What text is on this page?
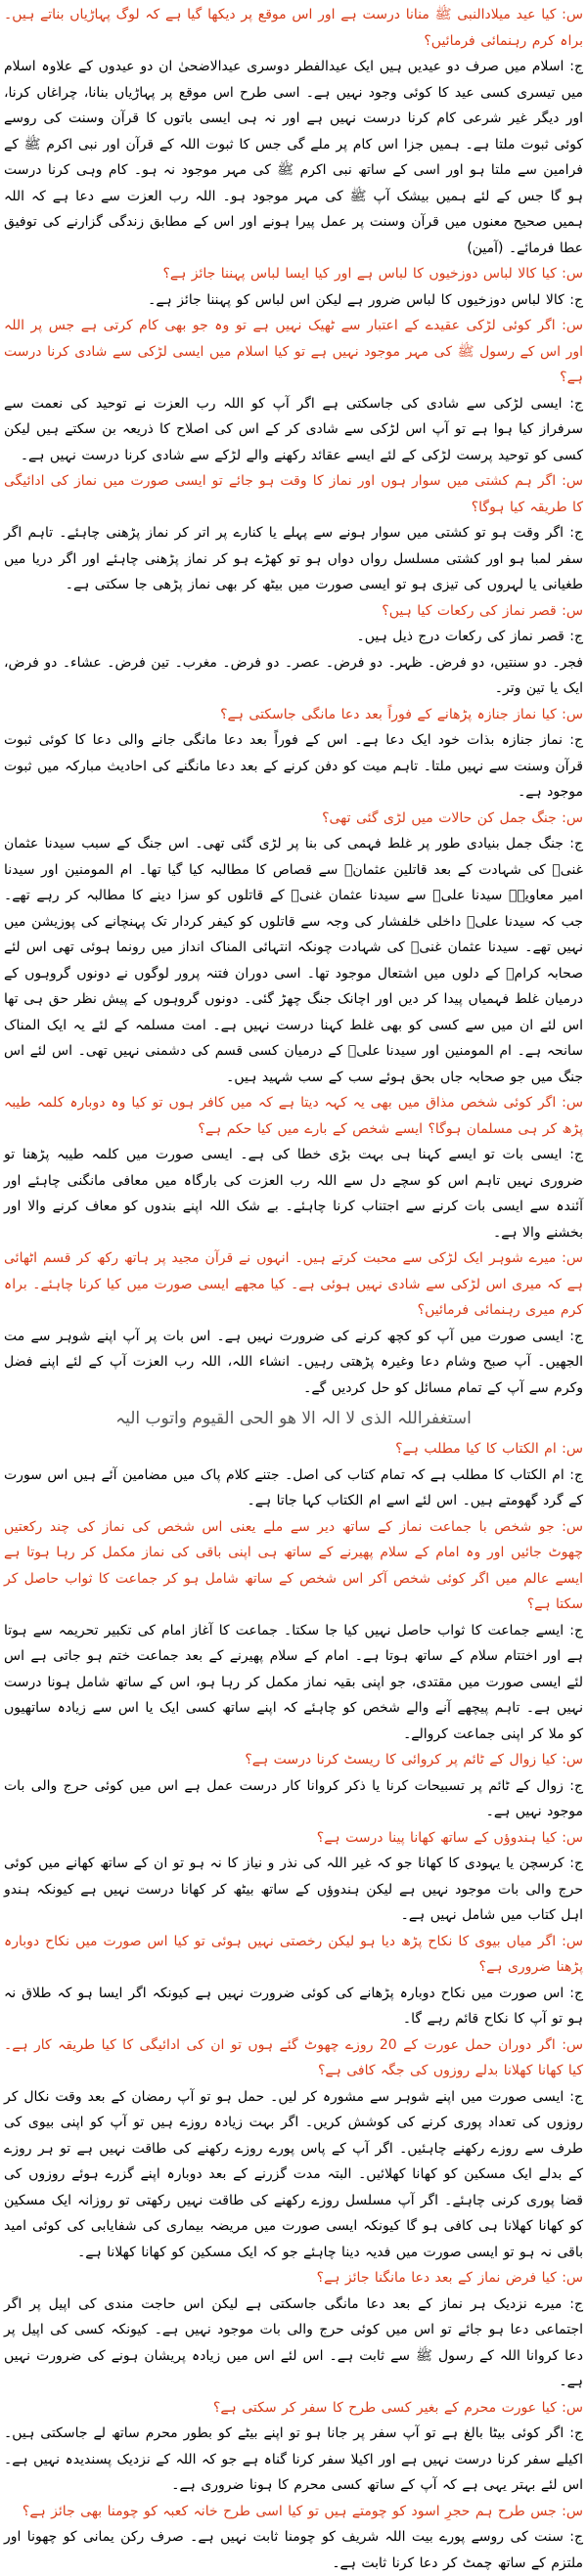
س: کیا عید میلادالنبی ﷺ منانا درست ہے اور اس موقع پر دیکھا گیا ہے کہ لوگ پہاڑیاں بناتے ہیں۔ براہ کرم رہنمائی فرمائیں؟

ج: اسلام میں صرف دو عیدیں ہیں ایک عیدالفطر دوسری عیدالاضحیٰ ان دو عیدوں کے علاوہ اسلام میں تیسری کسی عید کا کوئی وجود نہیں ہے۔ اسی طرح اس موقع پر پہاڑیاں بنانا، چراغاں کرنا، اور دیگر غیر شرعی کام کرنا درست نہیں ہے اور نہ ہی ایسی باتوں کا قرآن وسنت کی روسے کوئی ثبوت ملتا ہے۔ ہمیں جزا اس کام پر ملے گی جس کا ثبوت اللہ کے قرآن اور نبی اکرم ﷺ کے فرامین سے ملتا ہو اور اسی کے ساتھ نبی اکرم ﷺ کی مہر موجود نہ ہو۔ کام وہی کرنا درست ہو گا جس کے لئے ہمیں بیشک آپ ﷺ کی مہر موجود ہو۔ اللہ رب العزت سے دعا ہے کہ اللہ ہمیں صحیح معنوں میں قرآن وسنت پر عمل پیرا ہونے اور اس کے مطابق زندگی گزارنے کی توفیق عطا فرمائے۔ (آمین)

س: کیا کالا لباس دوزخیوں کا لباس ہے اور کیا ایسا لباس پہننا جائز ہے؟

ج: کالا لباس دوزخیوں کا لباس ضرور ہے لیکن اس لباس کو پہننا جائز ہے۔

س: اگر کوئی لڑکی عقیدے کے اعتبار سے ٹھیک نہیں ہے تو وہ جو بھی کام کرتی ہے جس پر اللہ اور اس کے رسول ﷺ کی مہر موجود نہیں ہے تو کیا اسلام میں ایسی لڑکی سے شادی کرنا درست ہے؟

ج: ایسی لڑکی سے شادی کی جاسکتی ہے اگر آپ کو اللہ رب العزت نے توحید کی نعمت سے سرفراز کیا ہوا ہے تو آپ اس لڑکی سے شادی کر کے اس کی اصلاح کا ذریعہ بن سکتے ہیں لیکن کسی کو توحید پرست لڑکی کے لئے ایسے عقائد رکھنے والے لڑکے سے شادی کرنا درست نہیں ہے۔

س: اگر ہم کشتی میں سوار ہوں اور نماز کا وقت ہو جائے تو ایسی صورت میں نماز کی ادائیگی کا طریقہ کیا ہوگا؟

ج: اگر وقت ہو تو کشتی میں سوار ہونے سے پہلے یا کنارے پر اتر کر نماز پڑھنی چاہئے۔ تاہم اگر سفر لمبا ہو اور کشتی مسلسل رواں دواں ہو تو کھڑے ہو کر نماز پڑھنی چاہئے اور اگر دریا میں طغیانی یا لہروں کی تیزی ہو تو ایسی صورت میں بیٹھ کر بھی نماز پڑھی جا سکتی ہے۔

س: قصر نماز کی رکعات کیا ہیں؟

ج: قصر نماز کی رکعات درج ذیل ہیں۔

فجر۔ دو سنتیں، دو فرض۔ ظہر۔ دو فرض۔ عصر۔ دو فرض۔ مغرب۔ تین فرض۔ عشاء۔ دو فرض، ایک یا تین وتر۔

س: کیا نماز جنازہ پڑھانے کے فوراً بعد دعا مانگی جاسکتی ہے؟

ج: نماز جنازہ بذات خود ایک دعا ہے۔ اس کے فوراً بعد دعا مانگی جانے والی دعا کا کوئی ثبوت قرآن وسنت سے نہیں ملتا۔ تاہم میت کو دفن کرنے کے بعد دعا مانگنے کی احادیث مبارکہ میں ثبوت موجود ہے۔

س: جنگ جمل کن حالات میں لڑی گئی تھی؟

ج: جنگ جمل بنیادی طور پر غلط فہمی کی بنا پر لڑی گئی تھی۔ اس جنگ کے سبب سیدنا عثمان غنیؓ کی شہادت کے بعد قاتلین عثمانؓ سے قصاص کا مطالبہ کیا گیا تھا۔ ام المومنین اور سیدنا امیر معاویہؓ سیدنا علیؓ سے سیدنا عثمان غنیؓ کے قاتلوں کو سزا دینے کا مطالبہ کر رہے تھے۔ جب کہ سیدنا علیؓ داخلی خلفشار کی وجہ سے قاتلوں کو کیفر کردار تک پہنچانے کی پوزیشن میں نہیں تھے۔ سیدنا عثمان غنیؓ کی شہادت چونکہ انتہائی المناک انداز میں رونما ہوئی تھی اس لئے صحابہ کرامؓ کے دلوں میں اشتعال موجود تھا۔ اسی دوران فتنہ پرور لوگوں نے دونوں گروہوں کے درمیان غلط فہمیاں پیدا کر دیں اور اچانک جنگ چھڑ گئی۔ دونوں گروہوں کے پیش نظر حق ہی تھا اس لئے ان میں سے کسی کو بھی غلط کہنا درست نہیں ہے۔ امت مسلمہ کے لئے یہ ایک المناک سانحہ ہے۔ ام المومنین اور سیدنا علیؓ کے درمیان کسی قسم کی دشمنی نہیں تھی۔ اس لئے اس جنگ میں جو صحابہ جاں بحق ہوئے سب کے سب شہید ہیں۔

س: اگر کوئی شخص مذاق میں بھی یہ کہہ دیتا ہے کہ میں کافر ہوں تو کیا وہ دوبارہ کلمہ طیبہ پڑھ کر ہی مسلمان ہوگا؟ ایسے شخص کے بارے میں کیا حکم ہے؟

ج: ایسی بات تو ایسے کہنا ہی بہت بڑی خطا کی ہے۔ ایسی صورت میں کلمہ طیبہ پڑھنا تو ضروری نہیں تاہم اس کو سچے دل سے اللہ رب العزت کی بارگاہ میں معافی مانگنی چاہئے اور آئندہ سے ایسی بات کرنے سے اجتناب کرنا چاہئے۔ بے شک اللہ اپنے بندوں کو معاف کرنے والا اور بخشنے والا ہے۔

س: میرے شوہر ایک لڑکی سے محبت کرتے ہیں۔ انہوں نے قرآن مجید پر ہاتھ رکھ کر قسم اٹھائی ہے کہ میری اس لڑکی سے شادی نہیں ہوئی ہے۔ کیا مجھے ایسی صورت میں کیا کرنا چاہئے۔ براہ کرم میری رہنمائی فرمائیں؟

ج: ایسی صورت میں آپ کو کچھ کرنے کی ضرورت نہیں ہے۔ اس بات پر آپ اپنے شوہر سے مت الجھیں۔ آپ صبح وشام دعا وغیرہ پڑھتی رہیں۔ انشاء اللہ، اللہ رب العزت آپ کے لئے اپنے فضل وکرم سے آپ کے تمام مسائل کو حل کردیں گے۔

استغفراللہ الذی لا الہ الا ھو الحی القیوم واتوب الیہ

س: ام الکتاب کا کیا مطلب ہے؟

ج: ام الکتاب کا مطلب ہے کہ تمام کتاب کی اصل۔ جتنے کلام پاک میں مضامین آئے ہیں اس سورت کے گرد گھومتے ہیں۔ اس لئے اسے ام الکتاب کہا جاتا ہے۔

س: جو شخص با جماعت نماز کے ساتھ دیر سے ملے یعنی اس شخص کی نماز کی چند رکعتیں چھوٹ جائیں اور وہ امام کے سلام پھیرنے کے ساتھ ہی اپنی باقی کی نماز مکمل کر رہا ہوتا ہے ایسے عالم میں اگر کوئی شخص آکر اس شخص کے ساتھ شامل ہو کر جماعت کا ثواب حاصل کر سکتا ہے؟

ج: ایسے جماعت کا ثواب حاصل نہیں کیا جا سکتا۔ جماعت کا آغاز امام کی تکبیر تحریمہ سے ہوتا ہے اور اختتام سلام کے ساتھ ہوتا ہے۔ امام کے سلام پھیرنے کے بعد جماعت ختم ہو جاتی ہے اس لئے ایسی صورت میں مقتدی، جو اپنی بقیہ نماز مکمل کر رہا ہو، اس کے ساتھ شامل ہونا درست نہیں ہے۔ تاہم پیچھے آنے والے شخص کو چاہئے کہ اپنے ساتھ کسی ایک یا اس سے زیادہ ساتھیوں کو ملا کر اپنی جماعت کروالے۔

س: کیا زوال کے ٹائم پر کروائی کا ریسٹ کرنا درست ہے؟

ج: زوال کے ٹائم پر تسبیحات کرنا یا ذکر کروانا کار درست عمل ہے اس میں کوئی حرج والی بات موجود نہیں ہے۔

س: کیا ہندوؤں کے ساتھ کھانا پینا درست ہے؟

ج: کرسچن یا یہودی کا کھانا جو کہ غیر اللہ کی نذر و نیاز کا نہ ہو تو ان کے ساتھ کھانے میں کوئی حرج والی بات موجود نہیں ہے لیکن ہندوؤں کے ساتھ بیٹھ کر کھانا درست نہیں ہے کیونکہ ہندو اہل کتاب میں شامل نہیں ہے۔

س: اگر میاں بیوی کا نکاح پڑھ دیا ہو لیکن رخصتی نہیں ہوئی تو کیا اس صورت میں نکاح دوبارہ پڑھنا ضروری ہے؟

ج: اس صورت میں نکاح دوبارہ پڑھانے کی کوئی ضرورت نہیں ہے کیونکہ اگر ایسا ہو کہ طلاق نہ ہو تو آپ کا نکاح قائم رہے گا۔

س: اگر دوران حمل عورت کے 20 روزے چھوٹ گئے ہوں تو ان کی ادائیگی کا کیا طریقہ کار ہے۔ کیا کھانا کھلانا بدلے روزوں کی جگہ کافی ہے؟

ج: ایسی صورت میں اپنے شوہر سے مشورہ کر لیں۔ حمل ہو تو آپ رمضان کے بعد وقت نکال کر روزوں کی تعداد پوری کرنے کی کوشش کریں۔ اگر بہت زیادہ روزے ہیں تو آپ کو اپنی بیوی کی طرف سے روزے رکھنے چاہئیں۔ اگر آپ کے پاس پورے روزے رکھنے کی طاقت نہیں ہے تو ہر روزے کے بدلے ایک مسکین کو کھانا کھلائیں۔ البتہ مدت گزرنے کے بعد دوبارہ اپنے گزرے ہوئے روزوں کی قضا پوری کرنی چاہئے۔ اگر آپ مسلسل روزے رکھنے کی طاقت نہیں رکھتی تو روزانہ ایک مسکین کو کھانا کھلانا ہی کافی ہو گا کیونکہ ایسی صورت میں مریضہ بیماری کی شفایابی کی کوئی امید باقی نہ ہو تو ایسی صورت میں فدیہ دینا چاہئے جو کہ ایک مسکین کو کھانا کھلانا ہے۔

س: کیا فرض نماز کے بعد دعا مانگنا جائز ہے؟

ج: میرے نزدیک ہر نماز کے بعد دعا مانگی جاسکتی ہے لیکن اس حاجت مندی کی اپیل پر اگر اجتماعی دعا ہو جائے تو اس میں کوئی حرج والی بات موجود نہیں ہے۔ کیونکہ کسی کی اپیل پر دعا کروانا اللہ کے رسول ﷺ سے ثابت ہے۔ اس لئے اس میں زیادہ پریشان ہونے کی ضرورت نہیں ہے۔

س: کیا عورت محرم کے بغیر کسی طرح کا سفر کر سکتی ہے؟

ج: اگر کوئی بیٹا بالغ ہے تو آپ سفر پر جانا ہو تو اپنے بیٹے کو بطور محرم ساتھ لے جاسکتی ہیں۔ اکیلے سفر کرنا درست نہیں ہے اور اکیلا سفر کرنا گناہ ہے جو کہ اللہ کے نزدیک پسندیدہ نہیں ہے۔ اس لئے بہتر یہی ہے کہ آپ کے ساتھ کسی محرم کا ہونا ضروری ہے۔

س: جس طرح ہم حجرِ اسود کو چومتے ہیں تو کیا اسی طرح خانہ کعبہ کو چومنا بھی جائز ہے؟

ج: سنت کی روسے پورے بیت اللہ شریف کو چومنا ثابت نہیں ہے۔ صرف رکن یمانی کو چھونا اور ملتزم کے ساتھ چمٹ کر دعا کرنا ثابت ہے۔
